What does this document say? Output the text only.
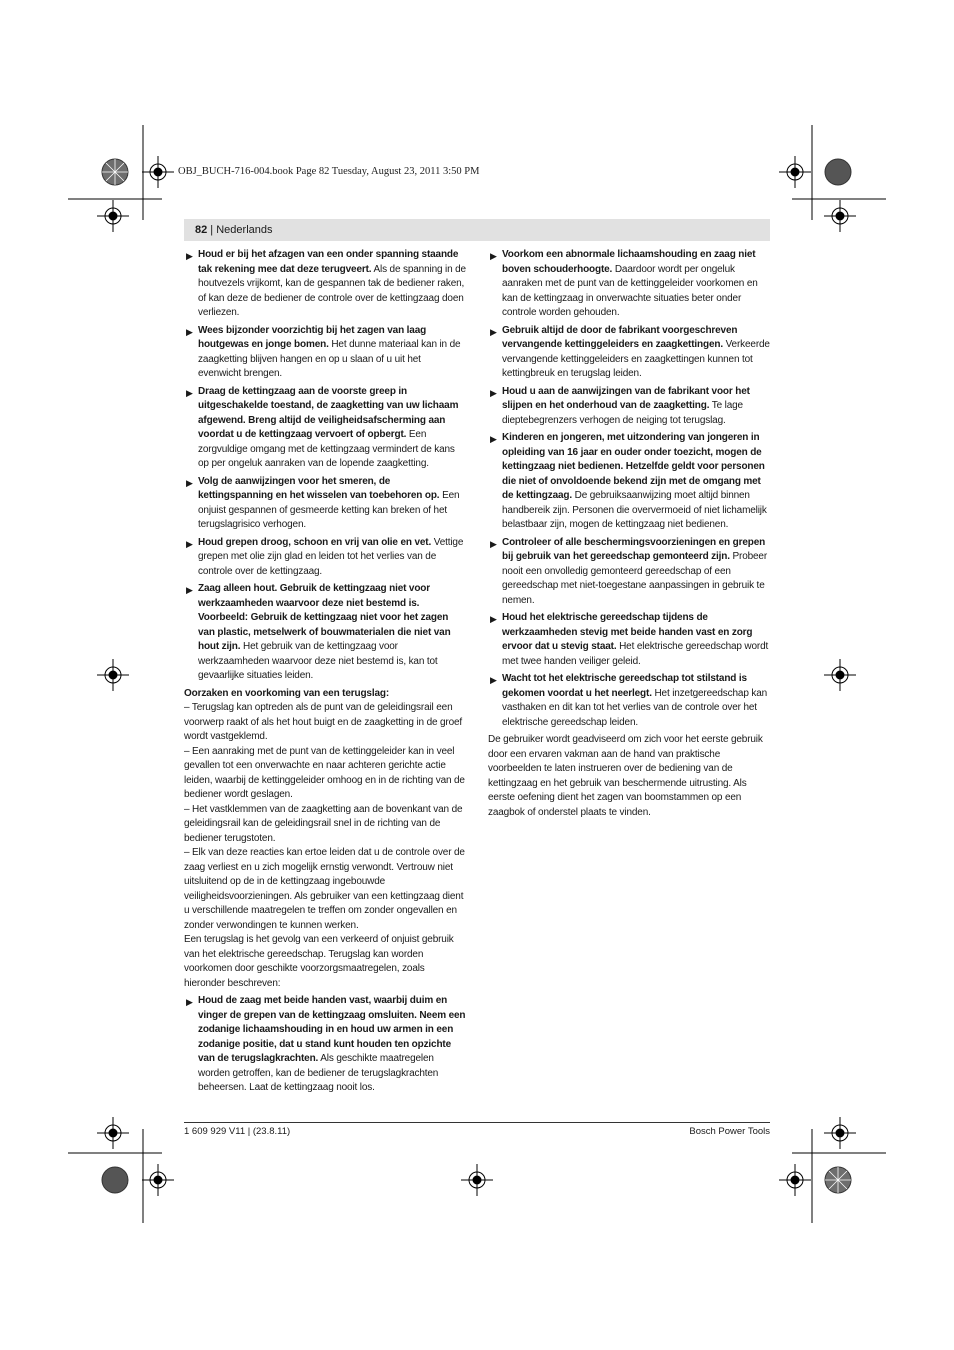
OBJ_BUCH-716-004.book Page 82 Tuesday, August 23, 2011 3:50 PM
82 | Nederlands

▶ Houd er bij het afzagen van een onder spanning staande tak rekening mee dat deze terugveert. Als de spanning in de houtvezels vrijkomt, kan de gespannen tak de bediener raken, of kan deze de bediener de controle over de kettingzaag doen verliezen.

▶ Wees bijzonder voorzichtig bij het zagen van laag houtgewas en jonge bomen. Het dunne materiaal kan in de zaagketting blijven hangen en op u slaan of u uit het evenwicht brengen.

▶ Draag de kettingzaag aan de voorste greep in uitgeschakelde toestand, de zaagketting van uw lichaam afgewend. Breng altijd de veiligheidsafscherming aan voordat u de kettingzaag vervoert of opbergt. Een zorgvuldige omgang met de kettingzaag vermindert de kans op per ongeluk aanraken van de lopende zaagketting.

▶ Volg de aanwijzingen voor het smeren, de kettingspanning en het wisselen van toebehoren op. Een onjuist gespannen of gesmeerde ketting kan breken of het terugslagrisico verhogen.

▶ Houd grepen droog, schoon en vrij van olie en vet. Vettige grepen met olie zijn glad en leiden tot het verlies van de controle over de kettingzaag.

▶ Zaag alleen hout. Gebruik de kettingzaag niet voor werkzaamheden waarvoor deze niet bestemd is. Voorbeeld: Gebruik de kettingzaag niet voor het zagen van plastic, metselwerk of bouwmaterialen die niet van hout zijn. Het gebruik van de kettingzaag voor werkzaamheden waarvoor deze niet bestemd is, kan tot gevaarlijke situaties leiden.

Oorzaken en voorkoming van een terugslag:

– Terugslag kan optreden als de punt van de geleidingsrail een voorwerp raakt of als het hout buigt en de zaagketting in de groef wordt vastgeklemd.

– Een aanraking met de punt van de kettinggeleider kan in veel gevallen tot een onverwachte en naar achteren gerichte actie leiden, waarbij de kettinggeleider omhoog en in de richting van de bediener wordt geslagen.

– Het vastklemmen van de zaagketting aan de bovenkant van de geleidingsrail kan de geleidingsrail snel in de richting van de bediener terugstoten.

– Elk van deze reacties kan ertoe leiden dat u de controle over de zaag verliest en u zich mogelijk ernstig verwondt. Vertrouw niet uitsluitend op de in de kettingzaag ingebouwde veiligheidsvoorzieningen. Als gebruiker van een kettingzaag dient u verschillende maatregelen te treffen om zonder ongevallen en zonder verwondingen te kunnen werken.

Een terugslag is het gevolg van een verkeerd of onjuist gebruik van het elektrische gereedschap. Terugslag kan worden voorkomen door geschikte voorzorgsmaatregelen, zoals hieronder beschreven:

▶ Houd de zaag met beide handen vast, waarbij duim en vinger de grepen van de kettingzaag omsluiten. Neem een zodanige lichaamshouding in en houd uw armen in een zodanige positie, dat u stand kunt houden ten opzichte van de terugslagkrachten. Als geschikte maatregelen worden getroffen, kan de bediener de terugslagkrachten beheersen. Laat de kettingzaag nooit los.

▶ Voorkom een abnormale lichaamshouding en zaag niet boven schouderhoogte. Daardoor wordt per ongeluk aanraken met de punt van de kettinggeleider voorkomen en kan de kettingzaag in onverwachte situaties beter onder controle worden gehouden.

▶ Gebruik altijd de door de fabrikant voorgeschreven vervangende kettinggeleiders en zaagkettingen. Verkeerde vervangende kettinggeleiders en zaagkettingen kunnen tot kettingbreuk en terugslag leiden.

▶ Houd u aan de aanwijzingen van de fabrikant voor het slijpen en het onderhoud van de zaagketting. Te lage dieptebegrenzers verhogen de neiging tot terugslag.

▶ Kinderen en jongeren, met uitzondering van jongeren in opleiding van 16 jaar en ouder onder toezicht, mogen de kettingzaag niet bedienen. Hetzelfde geldt voor personen die niet of onvoldoende bekend zijn met de omgang met de kettingzaag. De gebruiksaanwijzing moet altijd binnen handbereik zijn. Personen die oververmoeid of niet lichamelijk belastbaar zijn, mogen de kettingzaag niet bedienen.

▶ Controleer of alle beschermingsvoorzieningen en grepen bij gebruik van het gereedschap gemonteerd zijn. Probeer nooit een onvolledig gemonteerd gereedschap of een gereedschap met niet-toegestane aanpassingen in gebruik te nemen.

▶ Houd het elektrische gereedschap tijdens de werkzaamheden stevig met beide handen vast en zorg ervoor dat u stevig staat. Het elektrische gereedschap wordt met twee handen veiliger geleid.

▶ Wacht tot het elektrische gereedschap tot stilstand is gekomen voordat u het neerlegt. Het inzetgereedschap kan vasthaken en dit kan tot het verlies van de controle over het elektrische gereedschap leiden.

De gebruiker wordt geadviseerd om zich voor het eerste gebruik door een ervaren vakman aan de hand van praktische voorbeelden te laten instrueren over de bediening van de kettingzaag en het gebruik van beschermende uitrusting. Als eerste oefening dient het zagen van boomstammen op een zaagbok of onderstel plaats te vinden.

1 609 929 V11 | (23.8.11)	Bosch Power Tools
